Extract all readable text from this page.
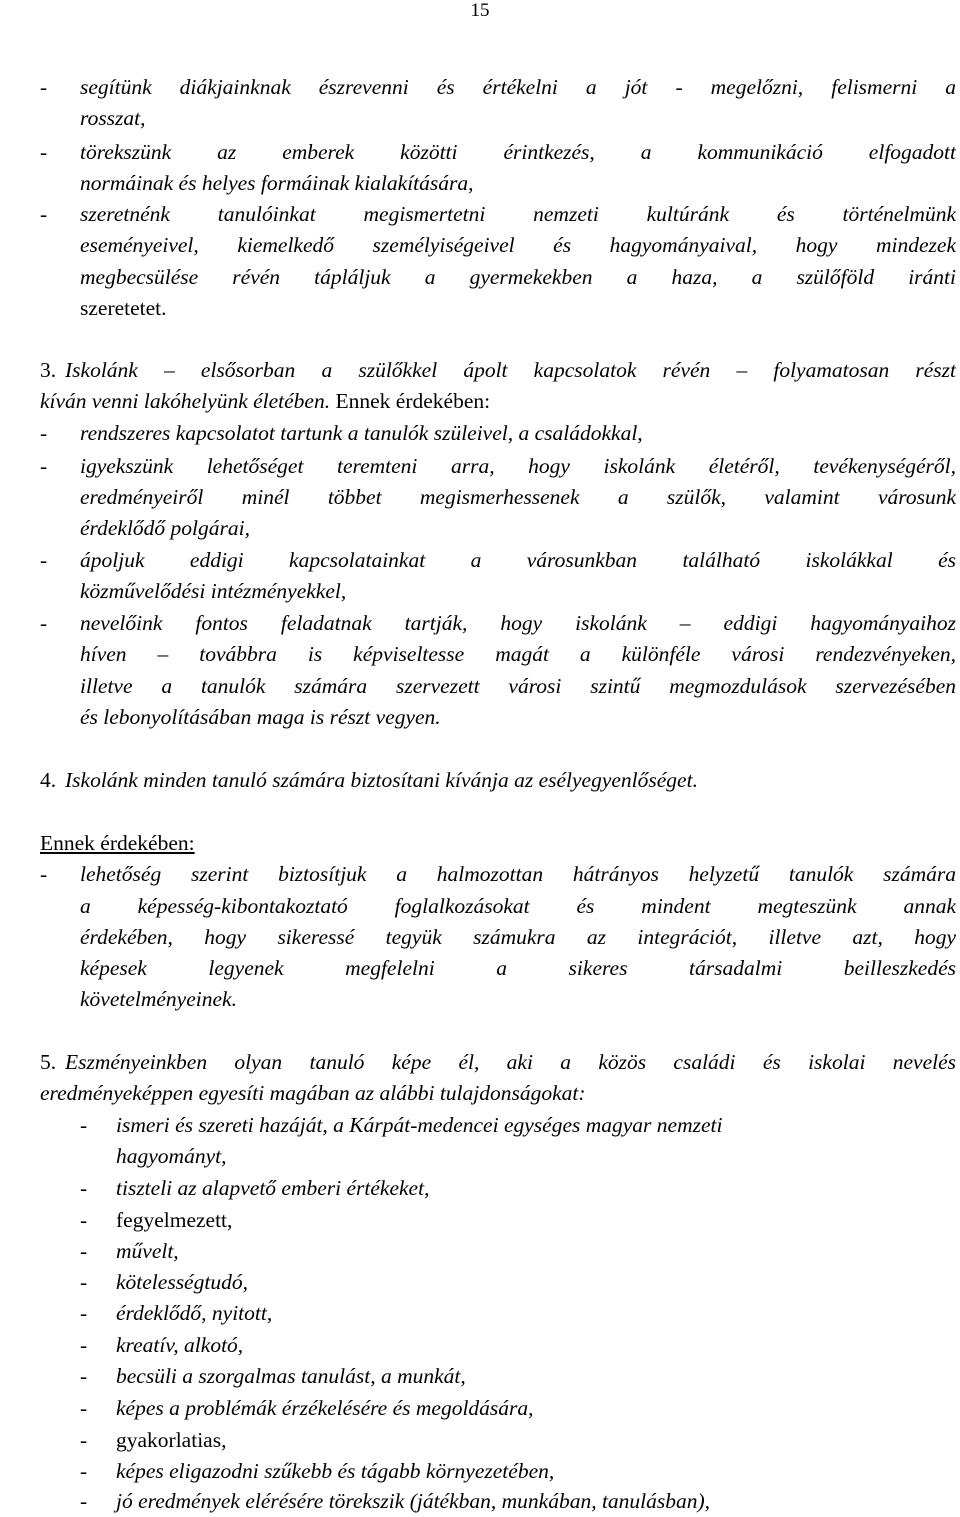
15
- segítünk diákjainknak észrevenni és értékelni a jót - megelőzni, felismerni a
rosszat,
- törekszünk az emberek közötti érintkezés, a kommunikáció elfogadott
normáinak és helyes formáinak kialakítására,
- szeretnénk tanulóinkat megismertetni nemzeti kultúránk és történelmünk
eseményeivel, kiemelkedő személyiségeivel és hagyományaival, hogy mindezek
megbecsülése révén tápláljuk a gyermekekben a haza, a szülőföld iránti
szeretetet.
3. Iskolánk – elsősorban a szülőkkel ápolt kapcsolatok révén – folyamatosan részt
kíván venni lakóhelyünk életében. Ennek érdekében:
- rendszeres kapcsolatot tartunk a tanulók szüleivel, a családokkal,
- igyekszünk lehetőséget teremteni arra, hogy iskolánk életéről, tevékenységéről,
eredményeiről minél többet megismerhessenek a szülők, valamint városunk
érdeklődő polgárai,
- ápoljuk eddigi kapcsolatainkat a városunkban található iskolákkal és
közművelődési intézményekkel,
- nevelőink fontos feladatnak tartják, hogy iskolánk – eddigi hagyományaihoz
híven – továbbra is képviseltesse magát a különféle városi rendezvényeken,
illetve a tanulók számára szervezett városi szintű megmozdulások szervezésében
és lebonyolításában maga is részt vegyen.
4. Iskolánk minden tanuló számára biztosítani kívánja az esélyegyenlőséget.
Ennek érdekében:
- lehetőség szerint biztosítjuk a halmozottan hátrányos helyzetű tanulók számára
a képesség-kibontakoztató foglalkozásokat és mindent megteszünk annak
érdekében, hogy sikeressé tegyük számukra az integrációt, illetve azt, hogy
képesek legyenek megfelelni a sikeres társadalmi beilleszkedés
követelményeinek.
5. Eszményeinkben olyan tanuló képe él, aki a közös családi és iskolai nevelés
eredményeképpen egyesíti magában az alábbi tulajdonságokat:
- ismeri és szereti hazáját, a Kárpát-medencei egységes magyar nemzeti
hagyományt,
- tiszteli az alapvető emberi értékeket,
- fegyelmezett,
- művelt,
- kötelességtudó,
- érdeklődő, nyitott,
- kreatív, alkotó,
- becsüli a szorgalmas tanulást, a munkát,
- képes a problémák érzékelésére és megoldására,
- gyakorlatias,
- képes eligazodni szűkebb és tágabb környezetében,
- jó eredmények elérésére törekszik (játékban, munkában, tanulásban),
